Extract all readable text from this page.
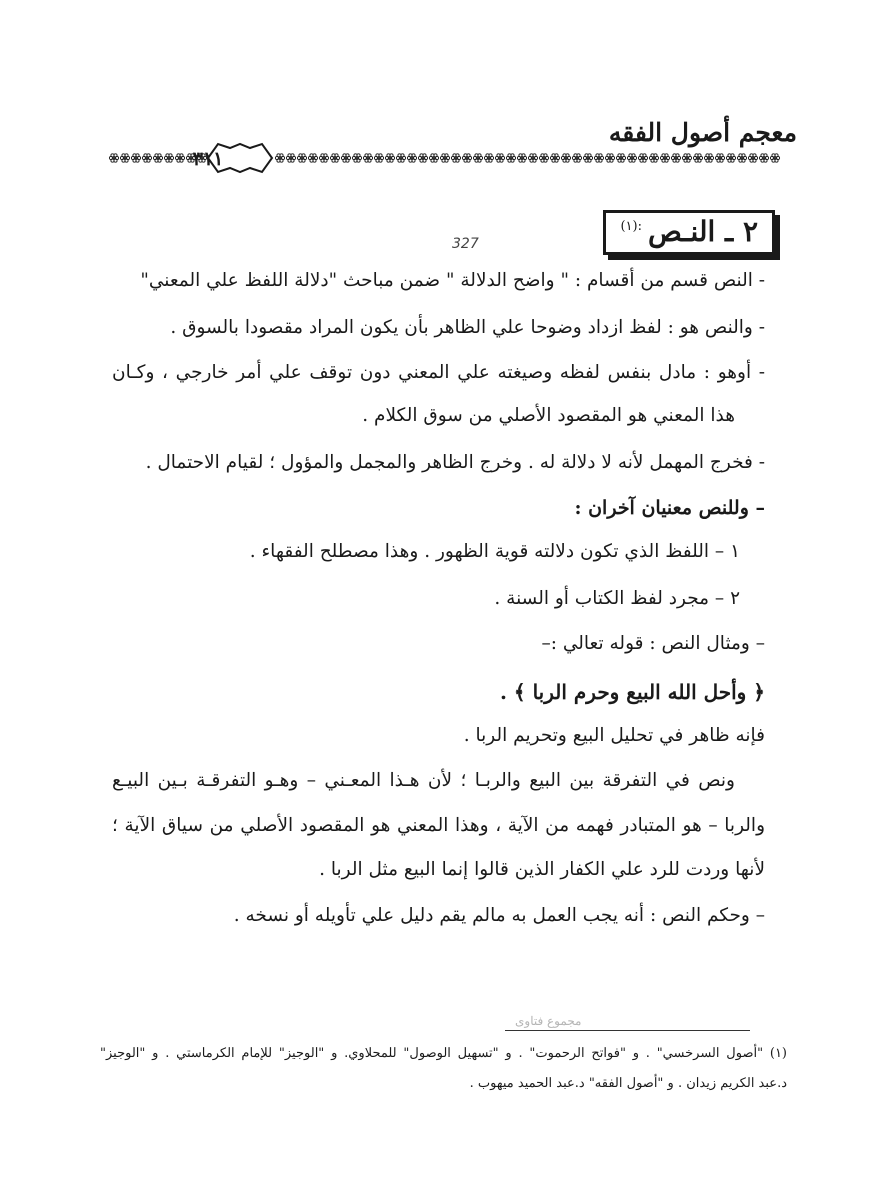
معجم أصول الفقه
٣١١
٢ ـ النـص
:(١)
327
- النص قسم من أقسام : " واضح الدلالة " ضمن مباحث "دلالة اللفظ علي المعني"
- والنص هو : لفظ ازداد وضوحا علي الظاهر بأن يكون المراد مقصودا بالسوق .
- أوهو : مادل بنفس لفظه وصيغته علي المعني دون توقف علي أمر خارجي ، وكـان
هذا المعني هو المقصود الأصلي من سوق الكلام .
- فخرج المهمل لأنه لا دلالة له . وخرج الظاهر والمجمل والمؤول ؛ لقيام الاحتمال .
– وللنص معنيان آخران :
١ – اللفظ الذي تكون دلالته قوية الظهور . وهذا مصطلح الفقهاء .
٢ – مجرد لفظ الكتاب أو السنة .
– ومثال النص : قوله تعالي :–
﴿ وأحل الله البيع وحرم الربا ﴾ .
فإنه ظاهر في تحليل البيع وتحريم الربا .
ونص في التفرقة بين البيع والربـا ؛ لأن هـذا المعـني – وهـو التفرقـة بـين البيـع
والربا – هو المتبادر فهمه من الآية ، وهذا المعني هو المقصود الأصلي من سياق الآية ؛
لأنها وردت للرد علي الكفار الذين قالوا إنما البيع مثل الربا .
– وحكم النص : أنه يجب العمل به مالم يقم دليل علي تأويله أو نسخه .
مجموع فتاوى
(١) "أصول السرخسي" . و "فواتح الرحموت" . و "تسهيل الوصول" للمحلاوي. و "الوجيز" للإمام الكرماستي . و "الوجيز"
د.عبد الكريم زيدان . و "أصول الفقه" د.عبد الحميد ميهوب .
